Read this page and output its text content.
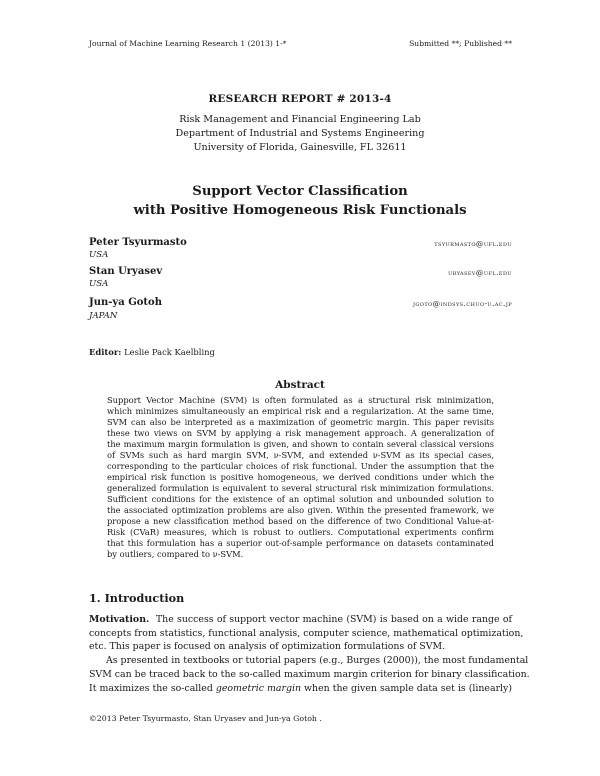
Journal of Machine Learning Research 1 (2013) 1-*	Submitted **; Published **
RESEARCH REPORT # 2013-4
Risk Management and Financial Engineering Lab
Department of Industrial and Systems Engineering
University of Florida, Gainesville, FL 32611
Support Vector Classification
with Positive Homogeneous Risk Functionals
Peter Tsyurmasto	tsyurmasto@ufl.edu
USA
Stan Uryasev	uryasev@ufl.edu
USA
Jun-ya Gotoh	jgoto@indsys.chuo-u.ac.jp
JAPAN
Editor: Leslie Pack Kaelbling
Abstract
Support Vector Machine (SVM) is often formulated as a structural risk minimization,
which minimizes simultaneously an empirical risk and a regularization. At the same time,
SVM can also be interpreted as a maximization of geometric margin. This paper revisits
these two views on SVM by applying a risk management approach. A generalization of
the maximum margin formulation is given, and shown to contain several classical versions
of SVMs such as hard margin SVM, ν-SVM, and extended ν-SVM as its special cases,
corresponding to the particular choices of risk functional. Under the assumption that the
empirical risk function is positive homogeneous, we derived conditions under which the
generalized formulation is equivalent to several structural risk minimization formulations.
Sufficient conditions for the existence of an optimal solution and unbounded solution to
the associated optimization problems are also given. Within the presented framework, we
propose a new classification method based on the difference of two Conditional Value-at-
Risk (CVaR) measures, which is robust to outliers. Computational experiments confirm
that this formulation has a superior out-of-sample performance on datasets contaminated
by outliers, compared to ν-SVM.
1. Introduction
Motivation. The success of support vector machine (SVM) is based on a wide range of
concepts from statistics, functional analysis, computer science, mathematical optimization,
etc. This paper is focused on analysis of optimization formulations of SVM.
As presented in textbooks or tutorial papers (e.g., Burges (2000)), the most fundamental
SVM can be traced back to the so-called maximum margin criterion for binary classification.
It maximizes the so-called geometric margin when the given sample data set is (linearly)
©2013 Peter Tsyurmasto, Stan Uryasev and Jun-ya Gotoh .
